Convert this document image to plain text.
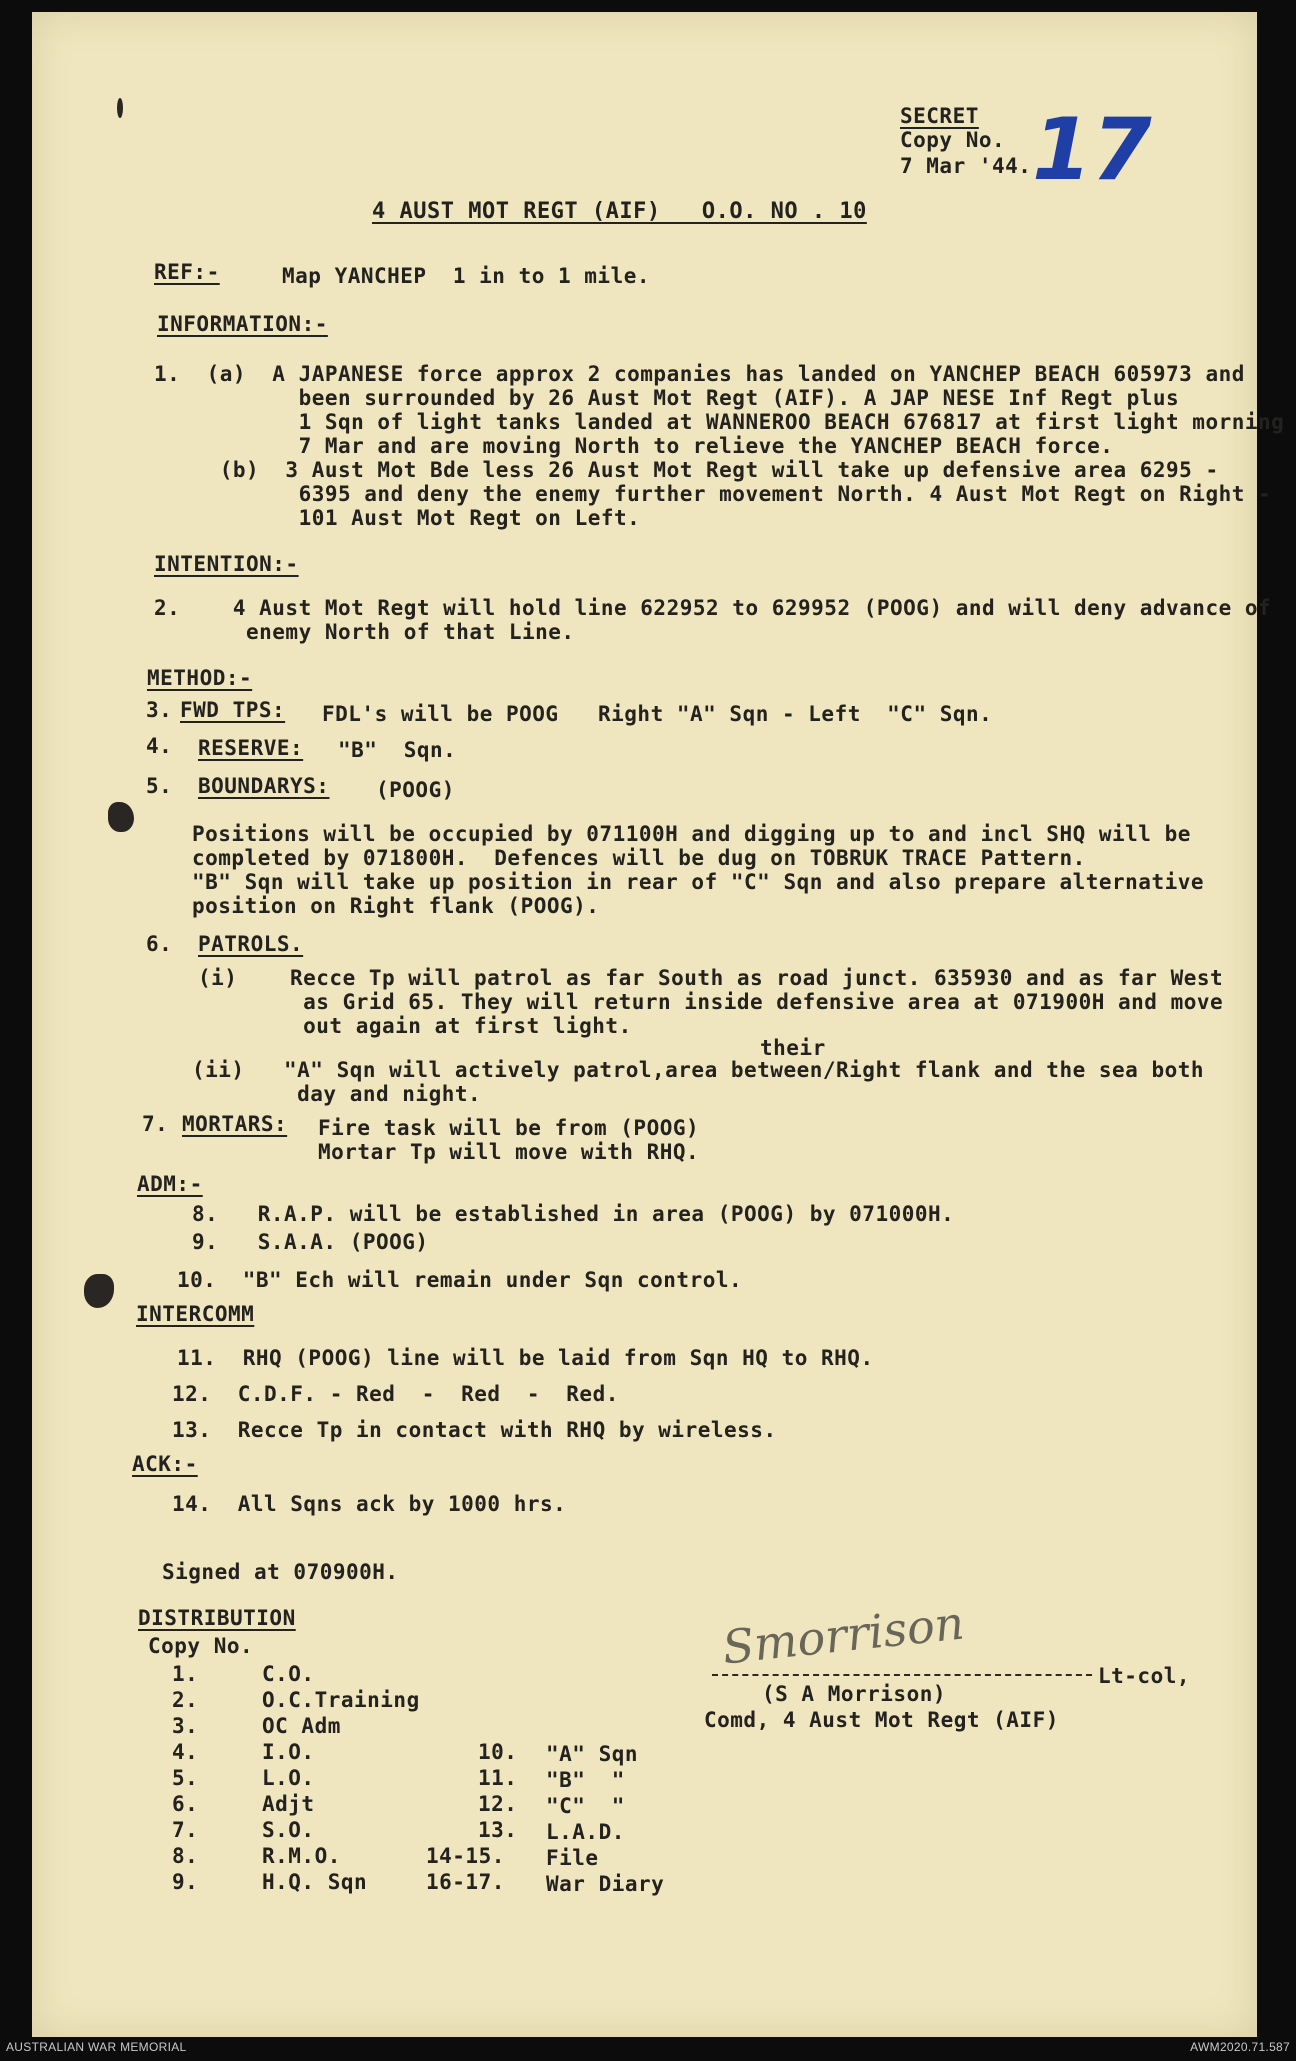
SECRET
Copy No. 17
7 Mar '44.
4 AUST MOT REGT (AIF)   O.O. NO . 10
REF:-	Map YANCHEP  1 in to 1 mile.
INFORMATION:-
1.  (a)  A JAPANESE force approx 2 companies has landed on YANCHEP BEACH 605973 and
been surrounded by 26 Aust Mot Regt (AIF). A JAP NESE Inf Regt plus
1 Sqn of light tanks landed at WANNEROO BEACH 676817 at first light morning
7 Mar and are moving North to relieve the YANCHEP BEACH force.
(b)  3 Aust Mot Bde less 26 Aust Mot Regt will take up defensive area 6295 -
6395 and deny the enemy further movement North. 4 Aust Mot Regt on Right -
101 Aust Mot Regt on Left.
INTENTION:-
2.    4 Aust Mot Regt will hold line 622952 to 629952 (POOG) and will deny advance of
enemy North of that Line.
METHOD:-
3. FWD TPS: FDL's will be POOG   Right "A" Sqn - Left  "C" Sqn.
4. RESERVE: "B"  Sqn.
5. BOUNDARYS: (POOG)
Positions will be occupied by 071100H and digging up to and incl SHQ will be
completed by 071800H.  Defences will be dug on TOBRUK TRACE Pattern.
"B" Sqn will take up position in rear of "C" Sqn and also prepare alternative
position on Right flank (POOG).
6. PATROLS.
(i)    Recce Tp will patrol as far South as road junct. 635930 and as far West
as Grid 65. They will return inside defensive area at 071900H and move
out again at first light.
their
(ii)   "A" Sqn will actively patrol,area between/Right flank and the sea both
day and night.
7. MORTARS: Fire task will be from (POOG)
Mortar Tp will move with RHQ.
ADM:-
8.   R.A.P. will be established in area (POOG) by 071000H.
9.   S.A.A. (POOG)
10.  "B" Ech will remain under Sqn control.
INTERCOMM
11.  RHQ (POOG) line will be laid from Sqn HQ to RHQ.
12.  C.D.F. - Red  -  Red  -  Red.
13.  Recce Tp in contact with RHQ by wireless.
ACK:-
14.  All Sqns ack by 1000 hrs.
Signed at 070900H.
Smorrison
Lt-col,
(S A Morrison)
Comd, 4 Aust Mot Regt (AIF)
DISTRIBUTION
Copy No.
1.	C.O.
2.	O.C.Training
3.	OC Adm
4.	I.O.
5.	L.O.
6.	Adjt
7.	S.O.
8.	R.M.O.
9.	H.Q. Sqn
10. "A" Sqn
11. "B"  "
12. "C"  "
13. L.A.D.
14-15. File
16-17. War Diary
AUSTRALIAN WAR MEMORIAL	AWM2020.71.587
